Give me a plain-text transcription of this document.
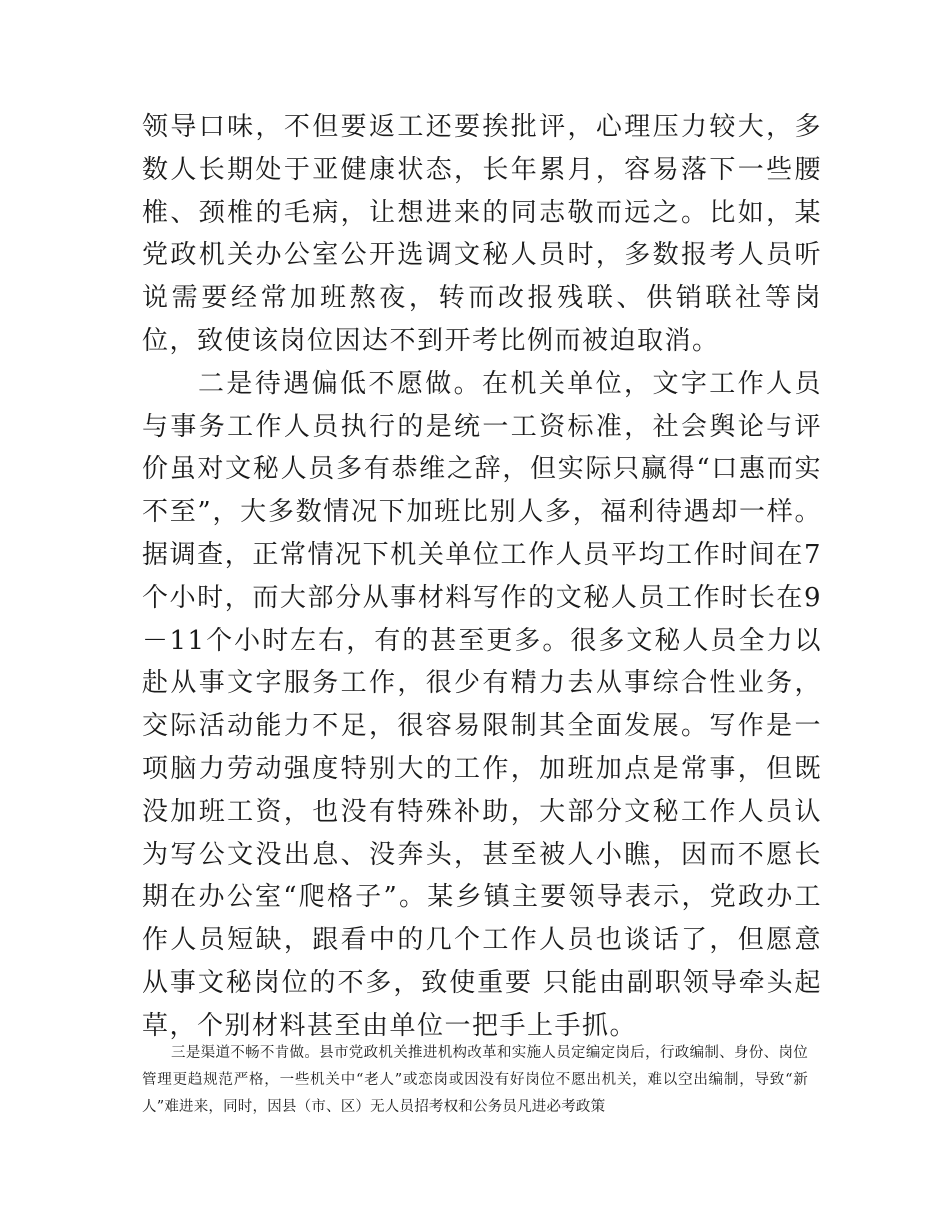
领导口味，不但要返工还要挨批评，心理压力较大，多数人长期处于亚健康状态，长年累月，容易落下一些腰椎、颈椎的毛病，让想进来的同志敬而远之。比如，某党政机关办公室公开选调文秘人员时，多数报考人员听说需要经常加班熬夜，转而改报残联、供销联社等岗位，致使该岗位因达不到开考比例而被迫取消。

二是待遇偏低不愿做。在机关单位，文字工作人员与事务工作人员执行的是统一工资标准，社会舆论与评价虽对文秘人员多有恭维之辞，但实际只赢得“口惠而实不至”，大多数情况下加班比别人多，福利待遇却一样。据调查，正常情况下机关单位工作人员平均工作时间在7个小时，而大部分从事材料写作的文秘人员工作时长在9－11个小时左右，有的甚至更多。很多文秘人员全力以赴从事文字服务工作，很少有精力去从事综合性业务，交际活动能力不足，很容易限制其全面发展。写作是一项脑力劳动强度特别大的工作，加班加点是常事，但既没加班工资，也没有特殊补助，大部分文秘工作人员认为写公文没出息、没奔头，甚至被人小瞧，因而不愿长期在办公室“爬格子”。某乡镇主要领导表示，党政办工作人员短缺，跟看中的几个工作人员也谈话了，但愿意从事文秘岗位的不多，致使重要 只能由副职领导牵头起草，个别材料甚至由单位一把手上手抓。

三是渠道不畅不肯做。县市党政机关推进机构改革和实施人员定编定岗后，行政编制、身份、岗位管理更趋规范严格，一些机关中“老人”或恋岗或因没有好岗位不愿出机关，难以空出编制，导致“新人”难进来，同时，因县（市、区）无人员招考权和公务员凡进必考政策
